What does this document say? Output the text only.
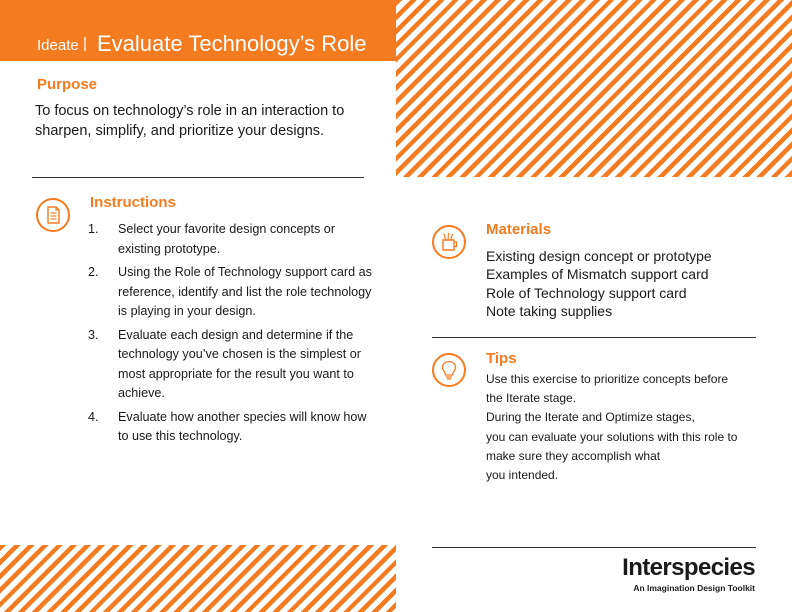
Ideate | Evaluate Technology’s Role
Purpose
To focus on technology’s role in an interaction to sharpen, simplify, and prioritize your designs.
Instructions
1. Select your favorite design concepts or existing prototype.
2. Using the Role of Technology support card as reference, identify and list the role technology is playing in your design.
3. Evaluate each design and determine if the technology you’ve chosen is the simplest or most appropriate for the result you want to achieve.
4. Evaluate how another species will know how to use this technology.
Materials
Existing design concept or prototype
Examples of Mismatch support card
Role of Technology support card
Note taking supplies
Tips
Use this exercise to prioritize concepts before
the Iterate stage.
During the Iterate and Optimize stages,
you can evaluate your solutions with this role to
make sure they accomplish what
you intended.
Interspecies
An Imagination Design Toolkit
